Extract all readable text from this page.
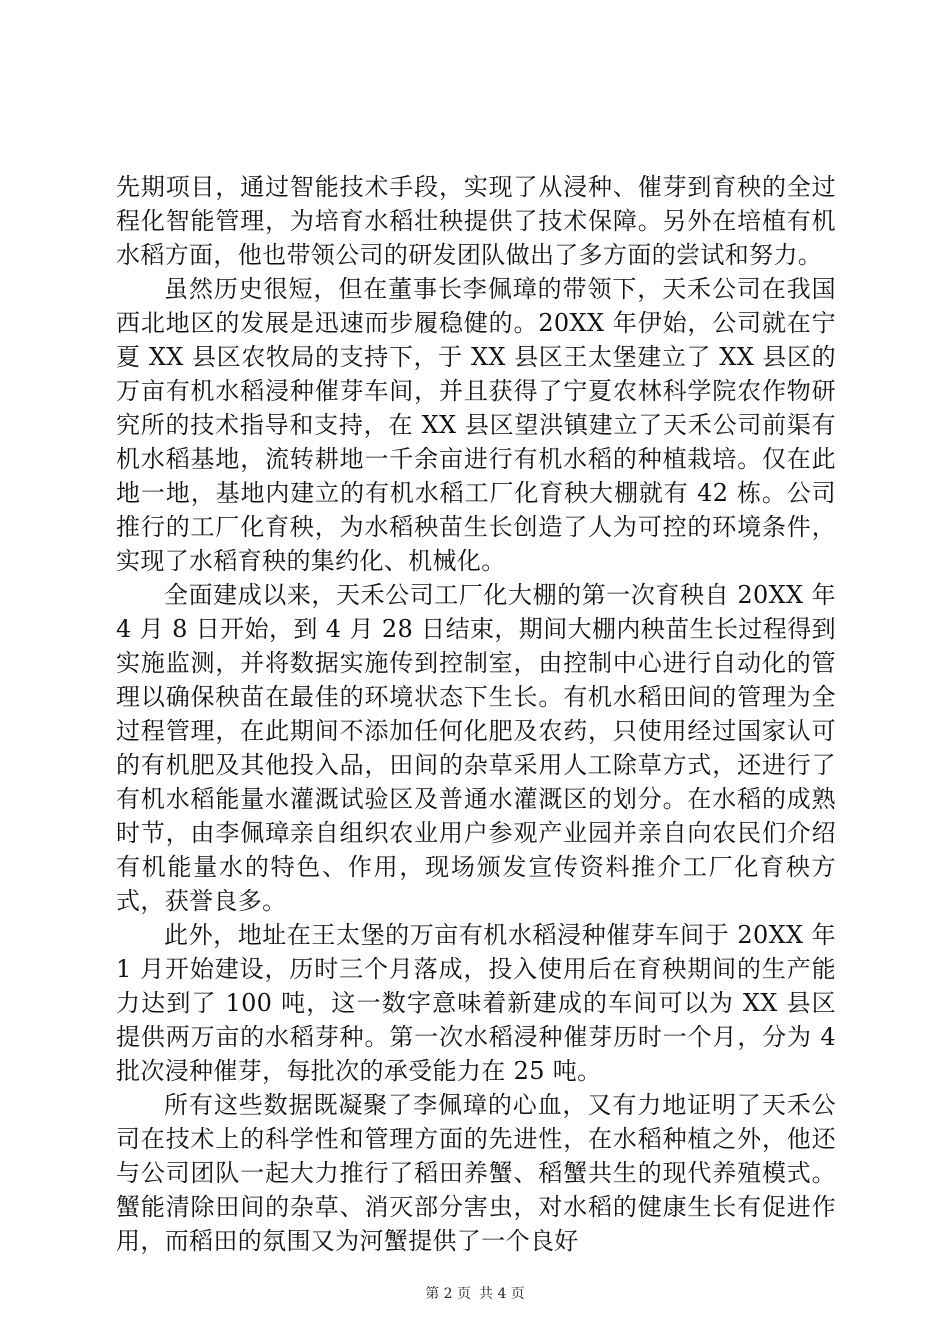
先期项目，通过智能技术手段，实现了从浸种、催芽到育秧的全过程化智能管理，为培育水稻壮秧提供了技术保障。另外在培植有机水稻方面，他也带领公司的研发团队做出了多方面的尝试和努力。

虽然历史很短，但在董事长李佩璋的带领下，天禾公司在我国西北地区的发展是迅速而步履稳健的。20XX 年伊始，公司就在宁夏 XX 县区农牧局的支持下，于 XX 县区王太堡建立了 XX 县区的万亩有机水稻浸种催芽车间，并且获得了宁夏农林科学院农作物研究所的技术指导和支持，在 XX 县区望洪镇建立了天禾公司前渠有机水稻基地，流转耕地一千余亩进行有机水稻的种植栽培。仅在此地一地，基地内建立的有机水稻工厂化育秧大棚就有 42 栋。公司推行的工厂化育秧，为水稻秧苗生长创造了人为可控的环境条件，实现了水稻育秧的集约化、机械化。

全面建成以来，天禾公司工厂化大棚的第一次育秧自 20XX 年 4 月 8 日开始，到 4 月 28 日结束，期间大棚内秧苗生长过程得到实施监测，并将数据实施传到控制室，由控制中心进行自动化的管理以确保秧苗在最佳的环境状态下生长。有机水稻田间的管理为全过程管理，在此期间不添加任何化肥及农药，只使用经过国家认可的有机肥及其他投入品，田间的杂草采用人工除草方式，还进行了有机水稻能量水灌溉试验区及普通水灌溉区的划分。在水稻的成熟时节，由李佩璋亲自组织农业用户参观产业园并亲自向农民们介绍有机能量水的特色、作用，现场颁发宣传资料推介工厂化育秧方式，获誉良多。

此外，地址在王太堡的万亩有机水稻浸种催芽车间于 20XX 年 1 月开始建设，历时三个月落成，投入使用后在育秧期间的生产能力达到了 100 吨，这一数字意味着新建成的车间可以为 XX 县区提供两万亩的水稻芽种。第一次水稻浸种催芽历时一个月，分为 4 批次浸种催芽，每批次的承受能力在 25 吨。

所有这些数据既凝聚了李佩璋的心血，又有力地证明了天禾公司在技术上的科学性和管理方面的先进性，在水稻种植之外，他还与公司团队一起大力推行了稻田养蟹、稻蟹共生的现代养殖模式。蟹能清除田间的杂草、消灭部分害虫，对水稻的健康生长有促进作用，而稻田的氛围又为河蟹提供了一个良好

第 2 页 共 4 页
